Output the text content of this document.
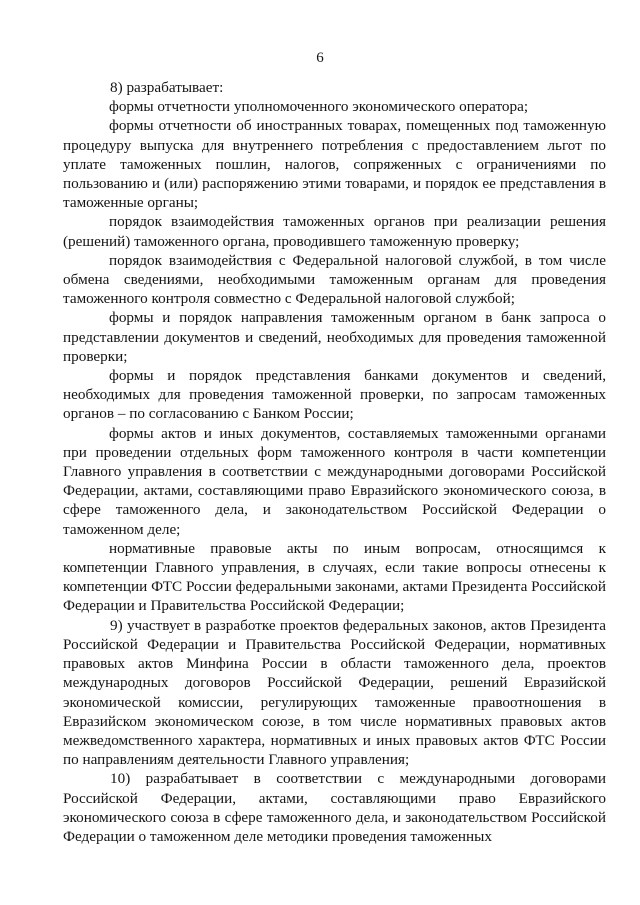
6

8) разрабатывает:

формы отчетности уполномоченного экономического оператора;

формы отчетности об иностранных товарах, помещенных под таможенную процедуру выпуска для внутреннего потребления с предоставлением льгот по уплате таможенных пошлин, налогов, сопряженных с ограничениями по пользованию и (или) распоряжению этими товарами, и порядок ее представления в таможенные органы;

порядок взаимодействия таможенных органов при реализации решения (решений) таможенного органа, проводившего таможенную проверку;

порядок взаимодействия с Федеральной налоговой службой, в том числе обмена сведениями, необходимыми таможенным органам для проведения таможенного контроля совместно с Федеральной налоговой службой;

формы и порядок направления таможенным органом в банк запроса о представлении документов и сведений, необходимых для проведения таможенной проверки;

формы и порядок представления банками документов и сведений, необходимых для проведения таможенной проверки, по запросам таможенных органов – по согласованию с Банком России;

формы актов и иных документов, составляемых таможенными органами при проведении отдельных форм таможенного контроля в части компетенции Главного управления в соответствии с международными договорами Российской Федерации, актами, составляющими право Евразийского экономического союза, в сфере таможенного дела, и законодательством Российской Федерации о таможенном деле;

нормативные правовые акты по иным вопросам, относящимся к компетенции Главного управления, в случаях, если такие вопросы отнесены к компетенции ФТС России федеральными законами, актами Президента Российской Федерации и Правительства Российской Федерации;

9) участвует в разработке проектов федеральных законов, актов Президента Российской Федерации и Правительства Российской Федерации, нормативных правовых актов Минфина России в области таможенного дела, проектов международных договоров Российской Федерации, решений Евразийской экономической комиссии, регулирующих таможенные правоотношения в Евразийском экономическом союзе, в том числе нормативных правовых актов межведомственного характера, нормативных и иных правовых актов ФТС России по направлениям деятельности Главного управления;

10) разрабатывает в соответствии с международными договорами Российской Федерации, актами, составляющими право Евразийского экономического союза в сфере таможенного дела, и законодательством Российской Федерации о таможенном деле методики проведения таможенных
